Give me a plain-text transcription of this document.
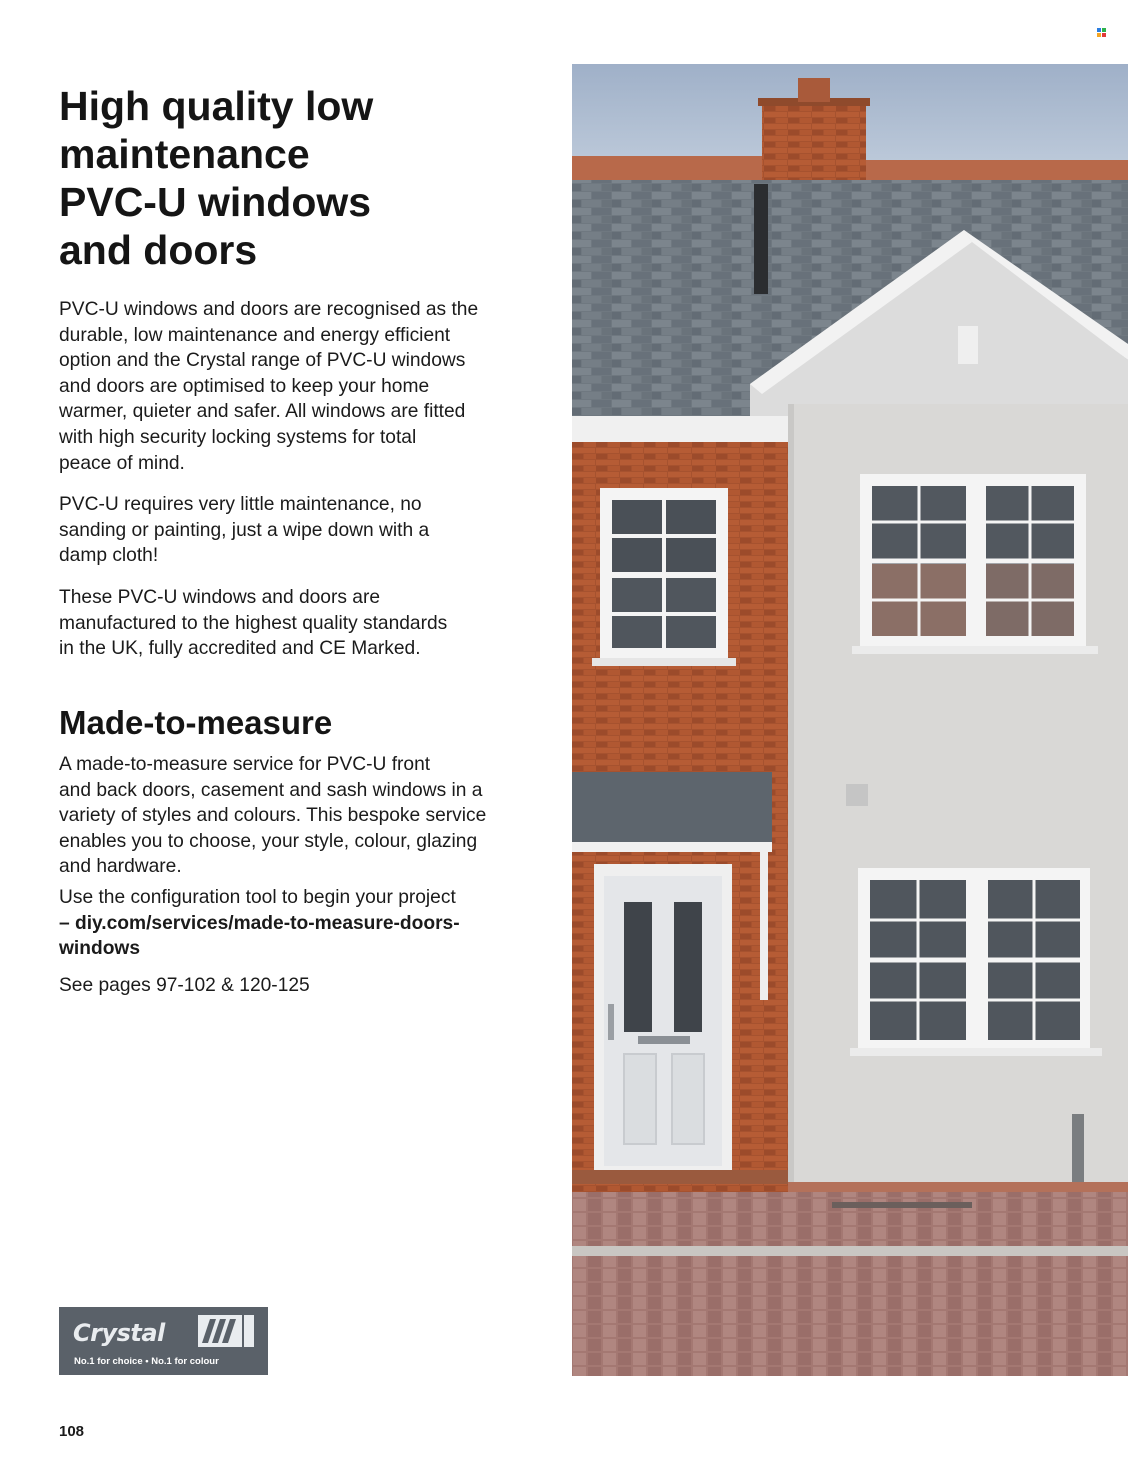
High quality low
maintenance
PVC-U windows
and doors

PVC-U windows and doors are recognised as the
durable, low maintenance and energy efficient
option and the Crystal range of PVC-U windows
and doors are optimised to keep your home
warmer, quieter and safer. All windows are fitted
with high security locking systems for total
peace of mind.

PVC-U requires very little maintenance, no
sanding or painting, just a wipe down with a
damp cloth!

These PVC-U windows and doors are
manufactured to the highest quality standards
in the UK, fully accredited and CE Marked.

Made-to-measure

A made-to-measure service for PVC-U front
and back doors, casement and sash windows in a
variety of styles and colours. This bespoke service
enables you to choose, your style, colour, glazing
and hardware.

Use the configuration tool to begin your project
– diy.com/services/made-to-measure-doors-
windows

See pages 97-102 & 120-125

Crystal
No.1 for choice • No.1 for colour
108
